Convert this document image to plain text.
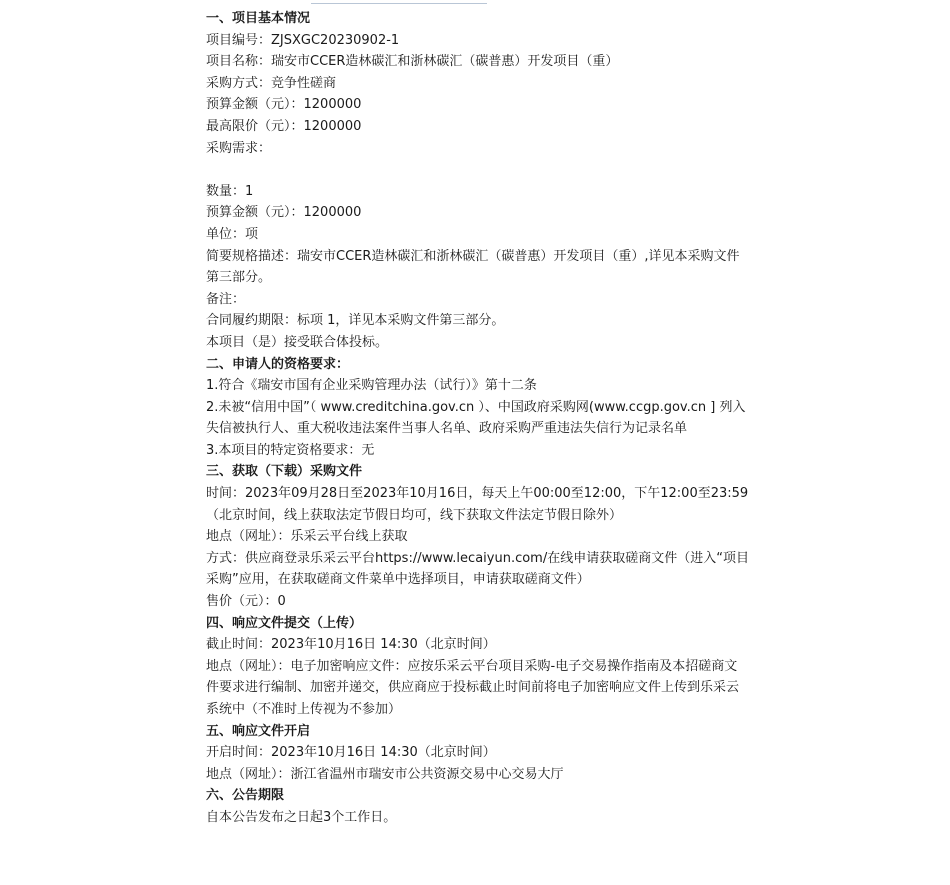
一、项目基本情况

项目编号：ZJSXGC20230902-1

项目名称：瑞安市CCER造林碳汇和浙林碳汇（碳普惠）开发项目（重）

采购方式：竞争性磋商

预算金额（元）：1200000

最高限价（元）：1200000

采购需求：

数量：1

预算金额（元）：1200000

单位：项

简要规格描述：瑞安市CCER造林碳汇和浙林碳汇（碳普惠）开发项目（重）,详见本采购文件第三部分。

备注：

合同履约期限：标项 1，详见本采购文件第三部分。

本项目（是）接受联合体投标。

二、申请人的资格要求：

1.符合《瑞安市国有企业采购管理办法（试行）》第十二条

2.未被“信用中国”（ www.creditchina.gov.cn ）、中国政府采购网(www.ccgp.gov.cn ] 列入失信被执行人、重大税收违法案件当事人名单、政府采购严重违法失信行为记录名单

3.本项目的特定资格要求：无

三、获取（下载）采购文件

时间：2023年09月28日至2023年10月16日，每天上午00:00至12:00，下午12:00至23:59（北京时间，线上获取法定节假日均可，线下获取文件法定节假日除外）

地点（网址）：乐采云平台线上获取

方式：供应商登录乐采云平台https://www.lecaiyun.com/在线申请获取磋商文件（进入“项目采购”应用，在获取磋商文件菜单中选择项目，申请获取磋商文件）

售价（元）：0

四、响应文件提交（上传）

截止时间：2023年10月16日 14:30（北京时间）

地点（网址）：电子加密响应文件：应按乐采云平台项目采购-电子交易操作指南及本招磋商文件要求进行编制、加密并递交，供应商应于投标截止时间前将电子加密响应文件上传到乐采云系统中（不准时上传视为不参加）

五、响应文件开启

开启时间：2023年10月16日 14:30（北京时间）

地点（网址）：浙江省温州市瑞安市公共资源交易中心交易大厅

六、公告期限

自本公告发布之日起3个工作日。
